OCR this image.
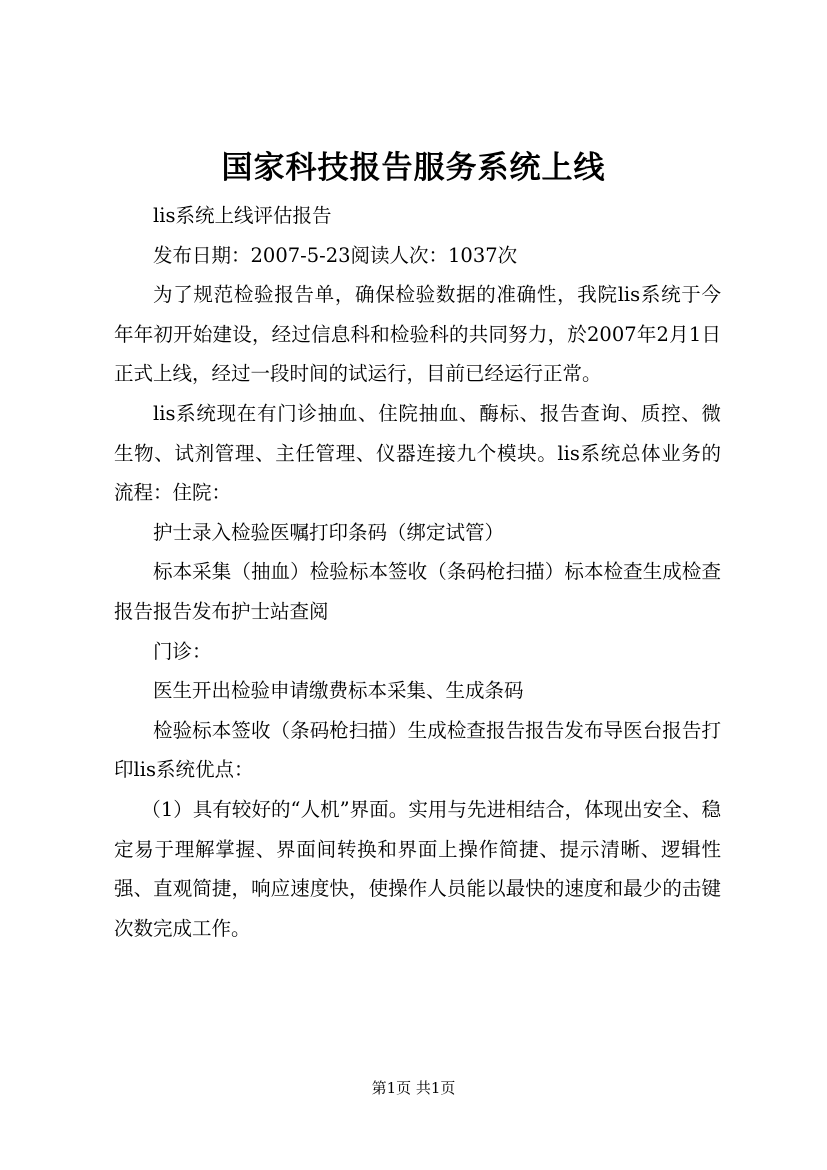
国家科技报告服务系统上线

lis系统上线评估报告

发布日期：2007-5-23阅读人次：1037次

为了规范检验报告单，确保检验数据的准确性，我院lis系统于今年年初开始建设，经过信息科和检验科的共同努力，於2007年2月1日正式上线，经过一段时间的试运行，目前已经运行正常。

lis系统现在有门诊抽血、住院抽血、酶标、报告查询、质控、微生物、试剂管理、主任管理、仪器连接九个模块。lis系统总体业务的流程：住院：

护士录入检验医嘱打印条码（绑定试管）

标本采集（抽血）检验标本签收（条码枪扫描）标本检查生成检查报告报告发布护士站查阅

门诊：

医生开出检验申请缴费标本采集、生成条码

检验标本签收（条码枪扫描）生成检查报告报告发布导医台报告打印lis系统优点：

（1）具有较好的“人机”界面。实用与先进相结合，体现出安全、稳定易于理解掌握、界面间转换和界面上操作简捷、提示清晰、逻辑性强、直观简捷，响应速度快，使操作人员能以最快的速度和最少的击键次数完成工作。

第1页 共1页
